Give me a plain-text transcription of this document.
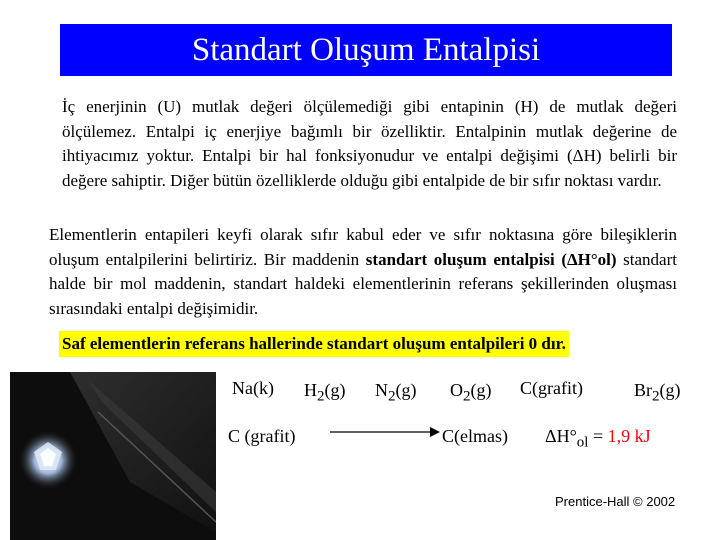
Standart Oluşum Entalpisi
İç enerjinin (U) mutlak değeri ölçülemediği gibi entapinin (H) de mutlak değeri ölçülemez. Entalpi iç enerjiye bağımlı bir özelliktir. Entalpinin mutlak değerine de ihtiyacımız yoktur. Entalpi bir hal fonksiyonudur ve entalpi değişimi (ΔH) belirli bir değere sahiptir. Diğer bütün özelliklerde olduğu gibi entalpide de bir sıfır noktası vardır.
Elementlerin entapileri keyfi olarak sıfır kabul eder ve sıfır noktasına göre bileşiklerin oluşum entalpilerini belirtiriz. Bir maddenin standart oluşum entalpisi (ΔH°ol) standart halde bir mol maddenin, standart haldeki elementlerinin referans şekillerinden oluşması sırasındaki entalpi değişimidir.
Saf elementlerin referans hallerinde standart oluşum entalpileri 0 dır.
Na(k) $H_2(g)$ $N_2(g)$ $O_2(g)$ C(grafit)	$Br_2(g)$
C (grafit)	C(elmas) $\Delta H^\circ_{ol} = 1,9$ kJ
Prentice-Hall © 2002
